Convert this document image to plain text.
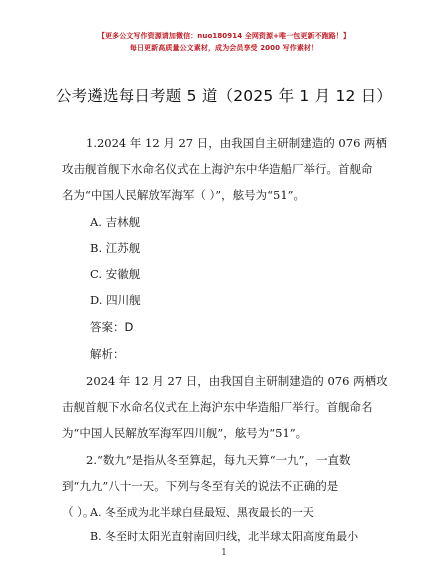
【更多公文写作资源请加微信：nuo180914 全网资源+唯一包更新不跑路！】
每日更新高质量公文素材，成为会员享受 2000 写作素材！
公考遴选每日考题 5 道（2025 年 1 月 12 日）

1.2024 年 12 月 27 日，由我国自主研制建造的 076 两栖

攻击舰首舰下水命名仪式在上海沪东中华造船厂举行。首舰命

名为“中国人民解放军海军（ ）”，舷号为“51”。

A. 吉林舰
B. 江苏舰
C. 安徽舰
D. 四川舰
答案：D
解析：

2024 年 12 月 27 日，由我国自主研制建造的 076 两栖攻

击舰首舰下水命名仪式在上海沪东中华造船厂举行。首舰命名

为“中国人民解放军海军四川舰”，舷号为“51”。

2.“数九”是指从冬至算起，每九天算“一九”，一直数

到“九九”八十一天。下列与冬至有关的说法不正确的是

（ ）。

A. 冬至成为北半球白昼最短、黑夜最长的一天
B. 冬至时太阳光直射南回归线，北半球太阳高度角最小
1
